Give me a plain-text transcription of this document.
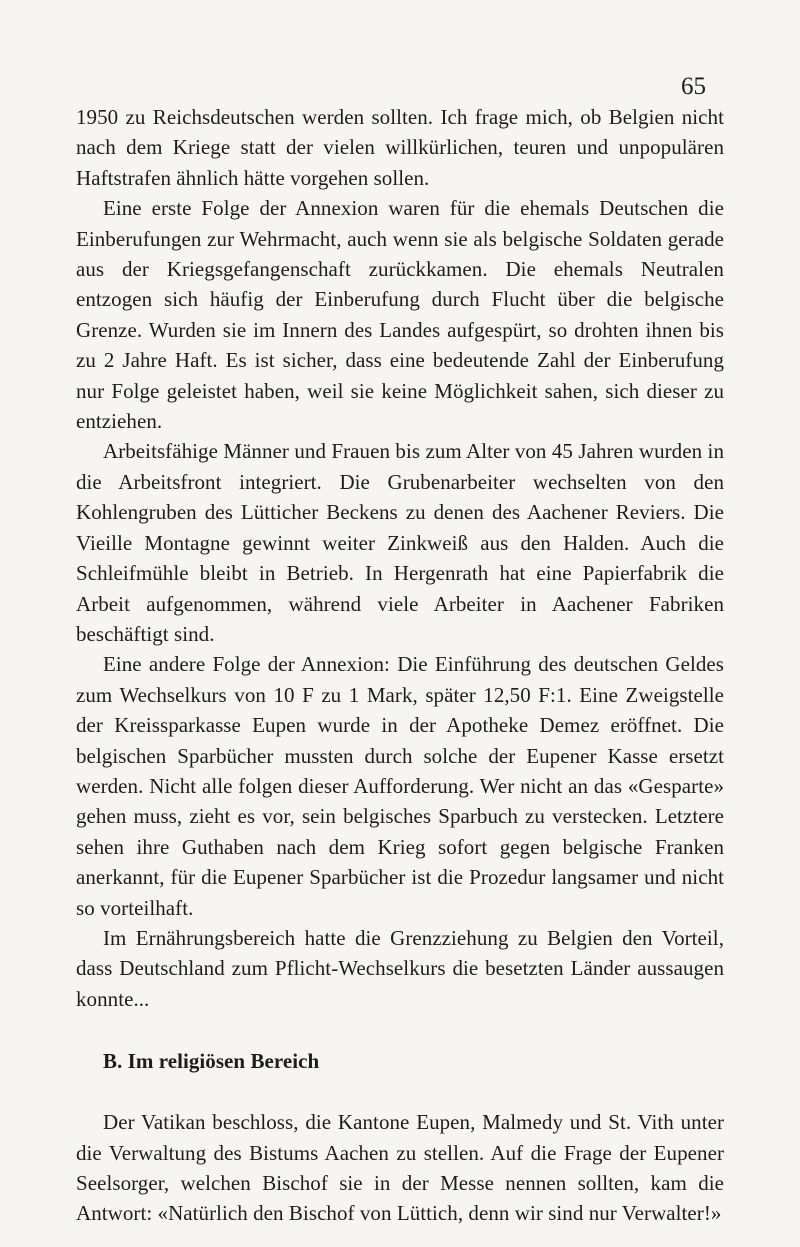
65

1950 zu Reichsdeutschen werden sollten. Ich frage mich, ob Belgien nicht nach dem Kriege statt der vielen willkürlichen, teuren und unpopulären Haftstrafen ähnlich hätte vorgehen sollen.

Eine erste Folge der Annexion waren für die ehemals Deutschen die Einberufungen zur Wehrmacht, auch wenn sie als belgische Soldaten gerade aus der Kriegsgefangenschaft zurückkamen. Die ehemals Neutralen entzogen sich häufig der Einberufung durch Flucht über die belgische Grenze. Wurden sie im Innern des Landes aufgespürt, so drohten ihnen bis zu 2 Jahre Haft. Es ist sicher, dass eine bedeutende Zahl der Einberufung nur Folge geleistet haben, weil sie keine Möglichkeit sahen, sich dieser zu entziehen.

Arbeitsfähige Männer und Frauen bis zum Alter von 45 Jahren wurden in die Arbeitsfront integriert. Die Grubenarbeiter wechselten von den Kohlengruben des Lütticher Beckens zu denen des Aachener Reviers. Die Vieille Montagne gewinnt weiter Zinkweiß aus den Halden. Auch die Schleifmühle bleibt in Betrieb. In Hergenrath hat eine Papierfabrik die Arbeit aufgenommen, während viele Arbeiter in Aachener Fabriken beschäftigt sind.

Eine andere Folge der Annexion: Die Einführung des deutschen Geldes zum Wechselkurs von 10 F zu 1 Mark, später 12,50 F:1. Eine Zweigstelle der Kreissparkasse Eupen wurde in der Apotheke Demez eröffnet. Die belgischen Sparbücher mussten durch solche der Eupener Kasse ersetzt werden. Nicht alle folgen dieser Aufforderung. Wer nicht an das «Gesparte» gehen muss, zieht es vor, sein belgisches Sparbuch zu verstecken. Letztere sehen ihre Guthaben nach dem Krieg sofort gegen belgische Franken anerkannt, für die Eupener Sparbücher ist die Prozedur langsamer und nicht so vorteilhaft.

Im Ernährungsbereich hatte die Grenzziehung zu Belgien den Vorteil, dass Deutschland zum Pflicht-Wechselkurs die besetzten Länder aussaugen konnte...

B. Im religiösen Bereich

Der Vatikan beschloss, die Kantone Eupen, Malmedy und St. Vith unter die Verwaltung des Bistums Aachen zu stellen. Auf die Frage der Eupener Seelsorger, welchen Bischof sie in der Messe nennen sollten, kam die Antwort: «Natürlich den Bischof von Lüttich, denn wir sind nur Verwalter!»
